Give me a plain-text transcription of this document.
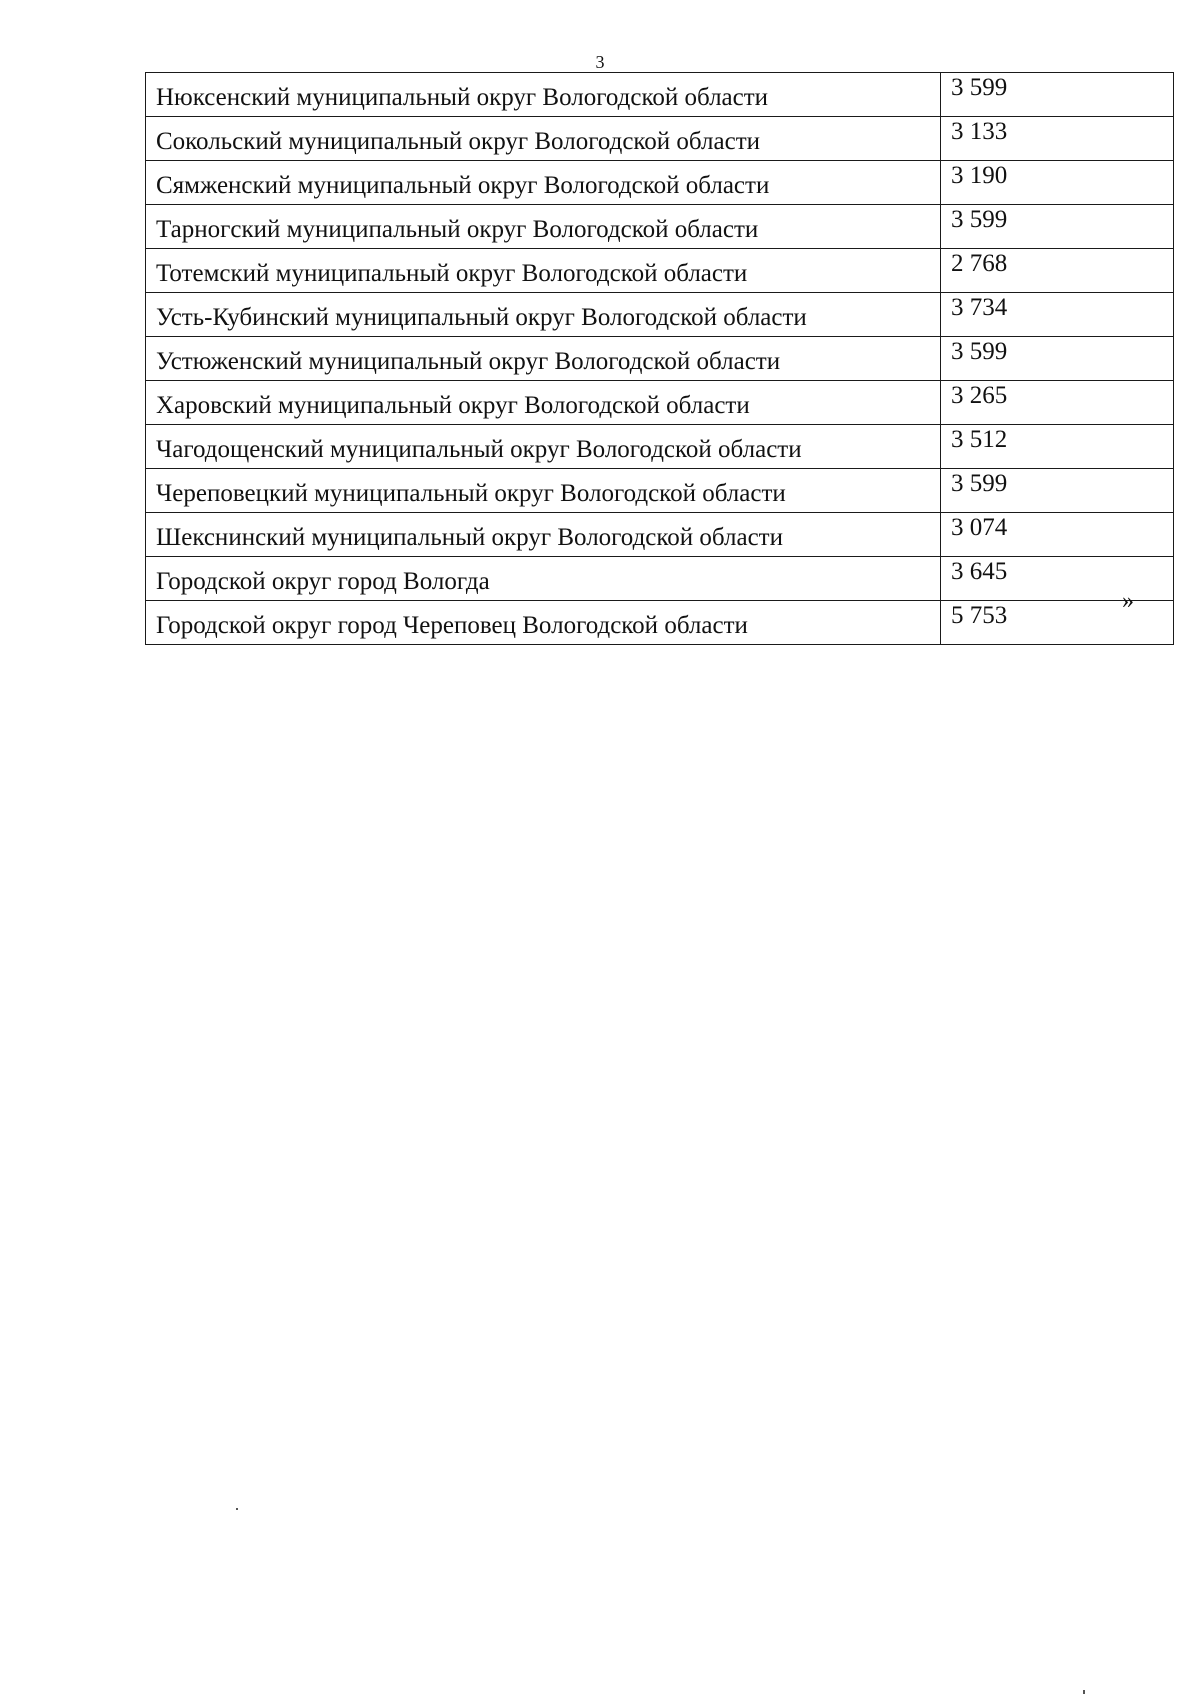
3
Нюксенский муниципальный округ Вологодской области	3 599
Сокольский муниципальный округ Вологодской области	3 133
Сямженский муниципальный округ Вологодской области	3 190
Тарногский муниципальный округ Вологодской области	3 599
Тотемский муниципальный округ Вологодской области	2 768
Усть-Кубинский муниципальный округ Вологодской области	3 734
Устюженский муниципальный округ Вологодской области	3 599
Харовский муниципальный округ Вологодской области	3 265
Чагодощенский муниципальный округ Вологодской области	3 512
Череповецкий муниципальный округ Вологодской области	3 599
Шекснинский муниципальный округ Вологодской области	3 074
Городской округ город Вологда	3 645
Городской округ город Череповец Вологодской области	5 753
»
